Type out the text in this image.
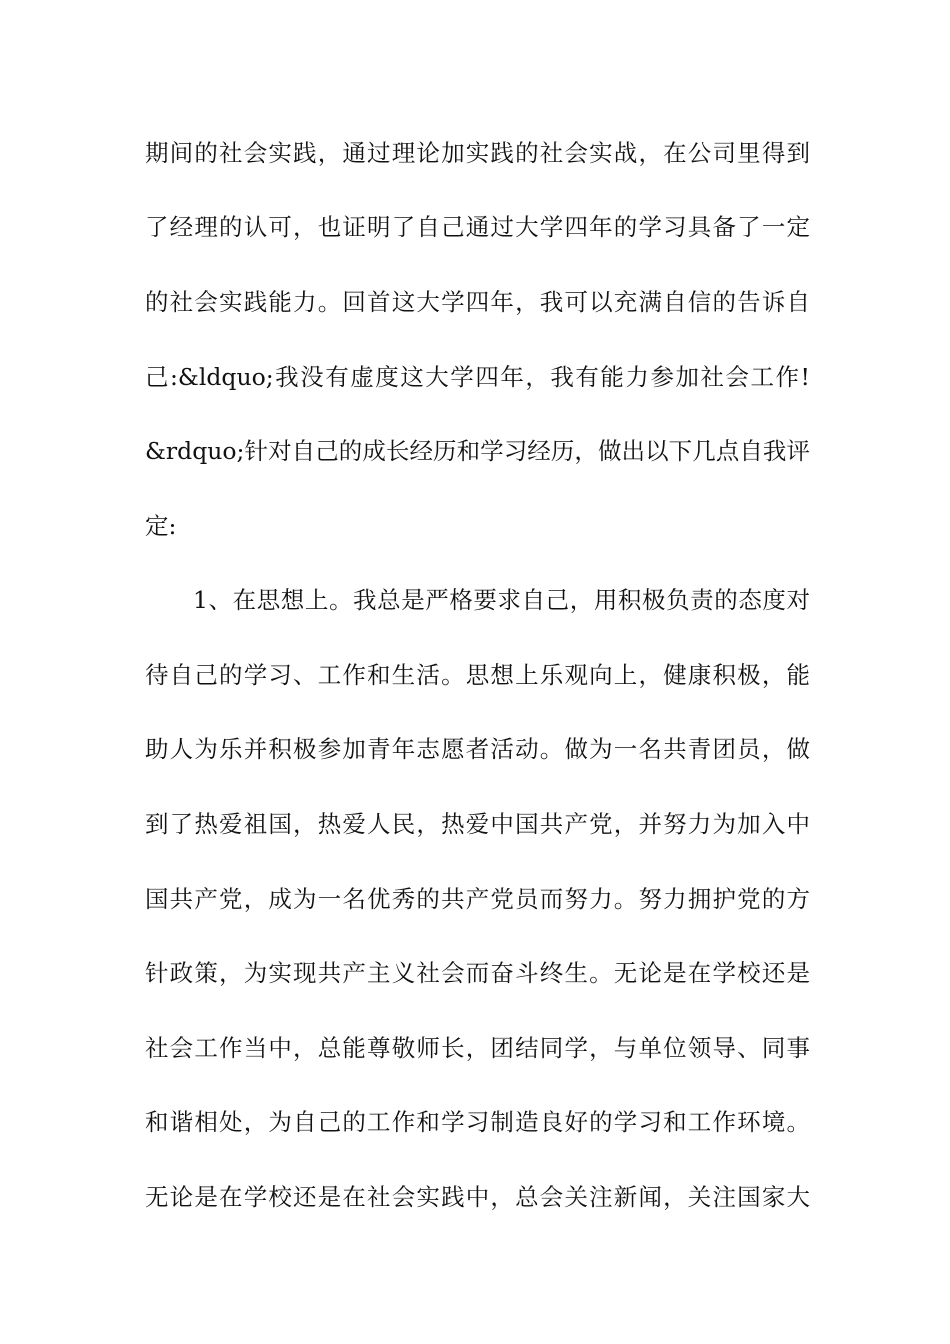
期间的社会实践，通过理论加实践的社会实战，在公司里得到
了经理的认可，也证明了自己通过大学四年的学习具备了一定
的社会实践能力。回首这大学四年，我可以充满自信的告诉自
己:&ldquo;我没有虚度这大学四年，我有能力参加社会工作!
&rdquo;针对自己的成长经历和学习经历，做出以下几点自我评
定:
1、在思想上。我总是严格要求自己，用积极负责的态度对
待自己的学习、工作和生活。思想上乐观向上，健康积极，能
助人为乐并积极参加青年志愿者活动。做为一名共青团员，做
到了热爱祖国，热爱人民，热爱中国共产党，并努力为加入中
国共产党，成为一名优秀的共产党员而努力。努力拥护党的方
针政策，为实现共产主义社会而奋斗终生。无论是在学校还是
社会工作当中，总能尊敬师长，团结同学，与单位领导、同事
和谐相处，为自己的工作和学习制造良好的学习和工作环境。
无论是在学校还是在社会实践中，总会关注新闻，关注国家大
